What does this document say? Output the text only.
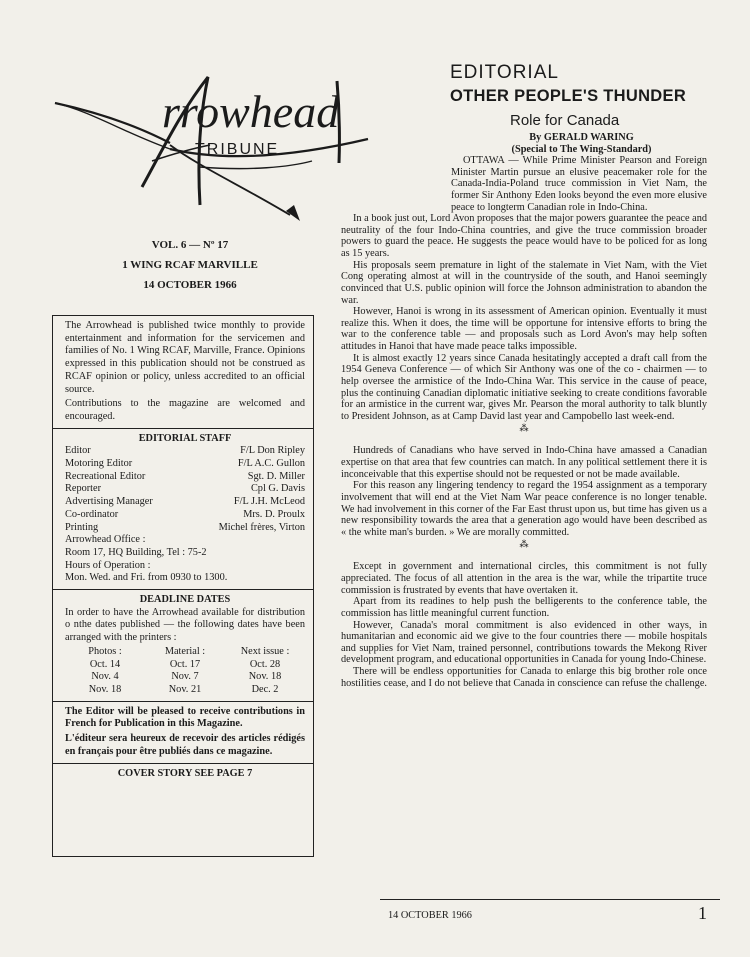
rrowhead
TRIBUNE
VOL. 6 — Nº 17
1 WING RCAF MARVILLE
14 OCTOBER 1966

The Arrowhead is published twice monthly to provide entertainment and information for the servicemen and families of No. 1 Wing RCAF, Marville, France. Opinions expressed in this publication should not be construed as RCAF opinion or policy, unless accredited to an official source.

Contributions to the magazine are welcomed and encouraged.

EDITORIAL STAFF

Editor	F/L Don Ripley
Motoring Editor	F/L A.C. Gullon
Recreational Editor	Sgt. D. Miller
Reporter	Cpl G. Davis
Advertising Manager	F/L J.H. McLeod
Co-ordinator	Mrs. D. Proulx
Printing	Michel frères, Virton

Arrowhead Office :

Room 17, HQ Building, Tel : 75-2

Hours of Operation :

Mon. Wed. and Fri. from 0930 to 1300.

DEADLINE DATES

In order to have the Arrowhead available for distribution o nthe dates published — the following dates have been arranged with the printers :

Photos :	Material :	Next issue :
Oct. 14	Oct. 17	Oct. 28
Nov. 4	Nov. 7	Nov. 18
Nov. 18	Nov. 21	Dec. 2

The Editor will be pleased to receive contributions in French for Publication in this Magazine.

L'éditeur sera heureux de recevoir des articles rédigés en français pour être publiés dans ce magazine.

COVER STORY SEE PAGE 7
EDITORIAL
OTHER PEOPLE'S THUNDER
Role for Canada
By GERALD WARING
(Special to The Wing-Standard)

OTTAWA — While Prime Minister Pearson and Foreign Minister Martin pursue an elusive peacemaker role for the Canada-India-Poland truce commission in Viet Nam, the former Sir Anthony Eden looks beyond the even more elusive peace to longterm Canadian role in Indo-China.

In a book just out, Lord Avon proposes that the major powers guarantee the peace and neutrality of the four Indo-China countries, and give the truce commission broader powers to guard the peace. He suggests the peace would have to be policed for as long as 15 years.

His proposals seem premature in light of the stalemate in Viet Nam, with the Viet Cong operating almost at will in the countryside of the south, and Hanoi seemingly convinced that U.S. public opinion will force the Johnson administration to abandon the war.

However, Hanoi is wrong in its assessment of American opinion. Eventually it must realize this. When it does, the time will be opportune for intensive efforts to bring the war to the conference table — and proposals such as Lord Avon's may help soften attitudes in Hanoi that have made peace talks impossible.

It is almost exactly 12 years since Canada hesitatingly accepted a draft call from the 1954 Geneva Conference — of which Sir Anthony was one of the co - chairmen — to help oversee the armistice of the Indo-China War. This service in the cause of peace, plus the continuing Canadian diplomatic initiative seeking to create conditions favorable for an armistice in the current war, gives Mr. Pearson the moral authority to talk bluntly to President Johnson, as at Camp David last year and Campobello last week-end.

⁂

Hundreds of Canadians who have served in Indo-China have amassed a Canadian expertise on that area that few countries can match. In any political settlement there it is inconceivable that this expertise should not be requested or not be made available.

For this reason any lingering tendency to regard the 1954 assignment as a temporary involvement that will end at the Viet Nam War peace conference is no longer tenable. We had involvement in this corner of the Far East thrust upon us, but time has given us a new responsibility towards the area that a generation ago would have been described as « the white man's burden. » We are morally committed.

⁂

Except in government and international circles, this commitment is not fully appreciated. The focus of all attention in the area is the war, while the tripartite truce commission is frustrated by events that have overtaken it.

Apart from its readines to help push the belligerents to the conference table, the commission has little meaningful current function.

However, Canada's moral commitment is also evidenced in other ways, in humanitarian and economic aid we give to the four countries there — mobile hospitals and supplies for Viet Nam, trained personnel, contributions towards the Mekong River development program, and educational opportunities in Canada for young Indo-Chinese.

There will be endless opportunities for Canada to enlarge this big brother role once hostilities cease, and I do not believe that Canada in conscience can refuse the challenge.

14 OCTOBER 1966	1
